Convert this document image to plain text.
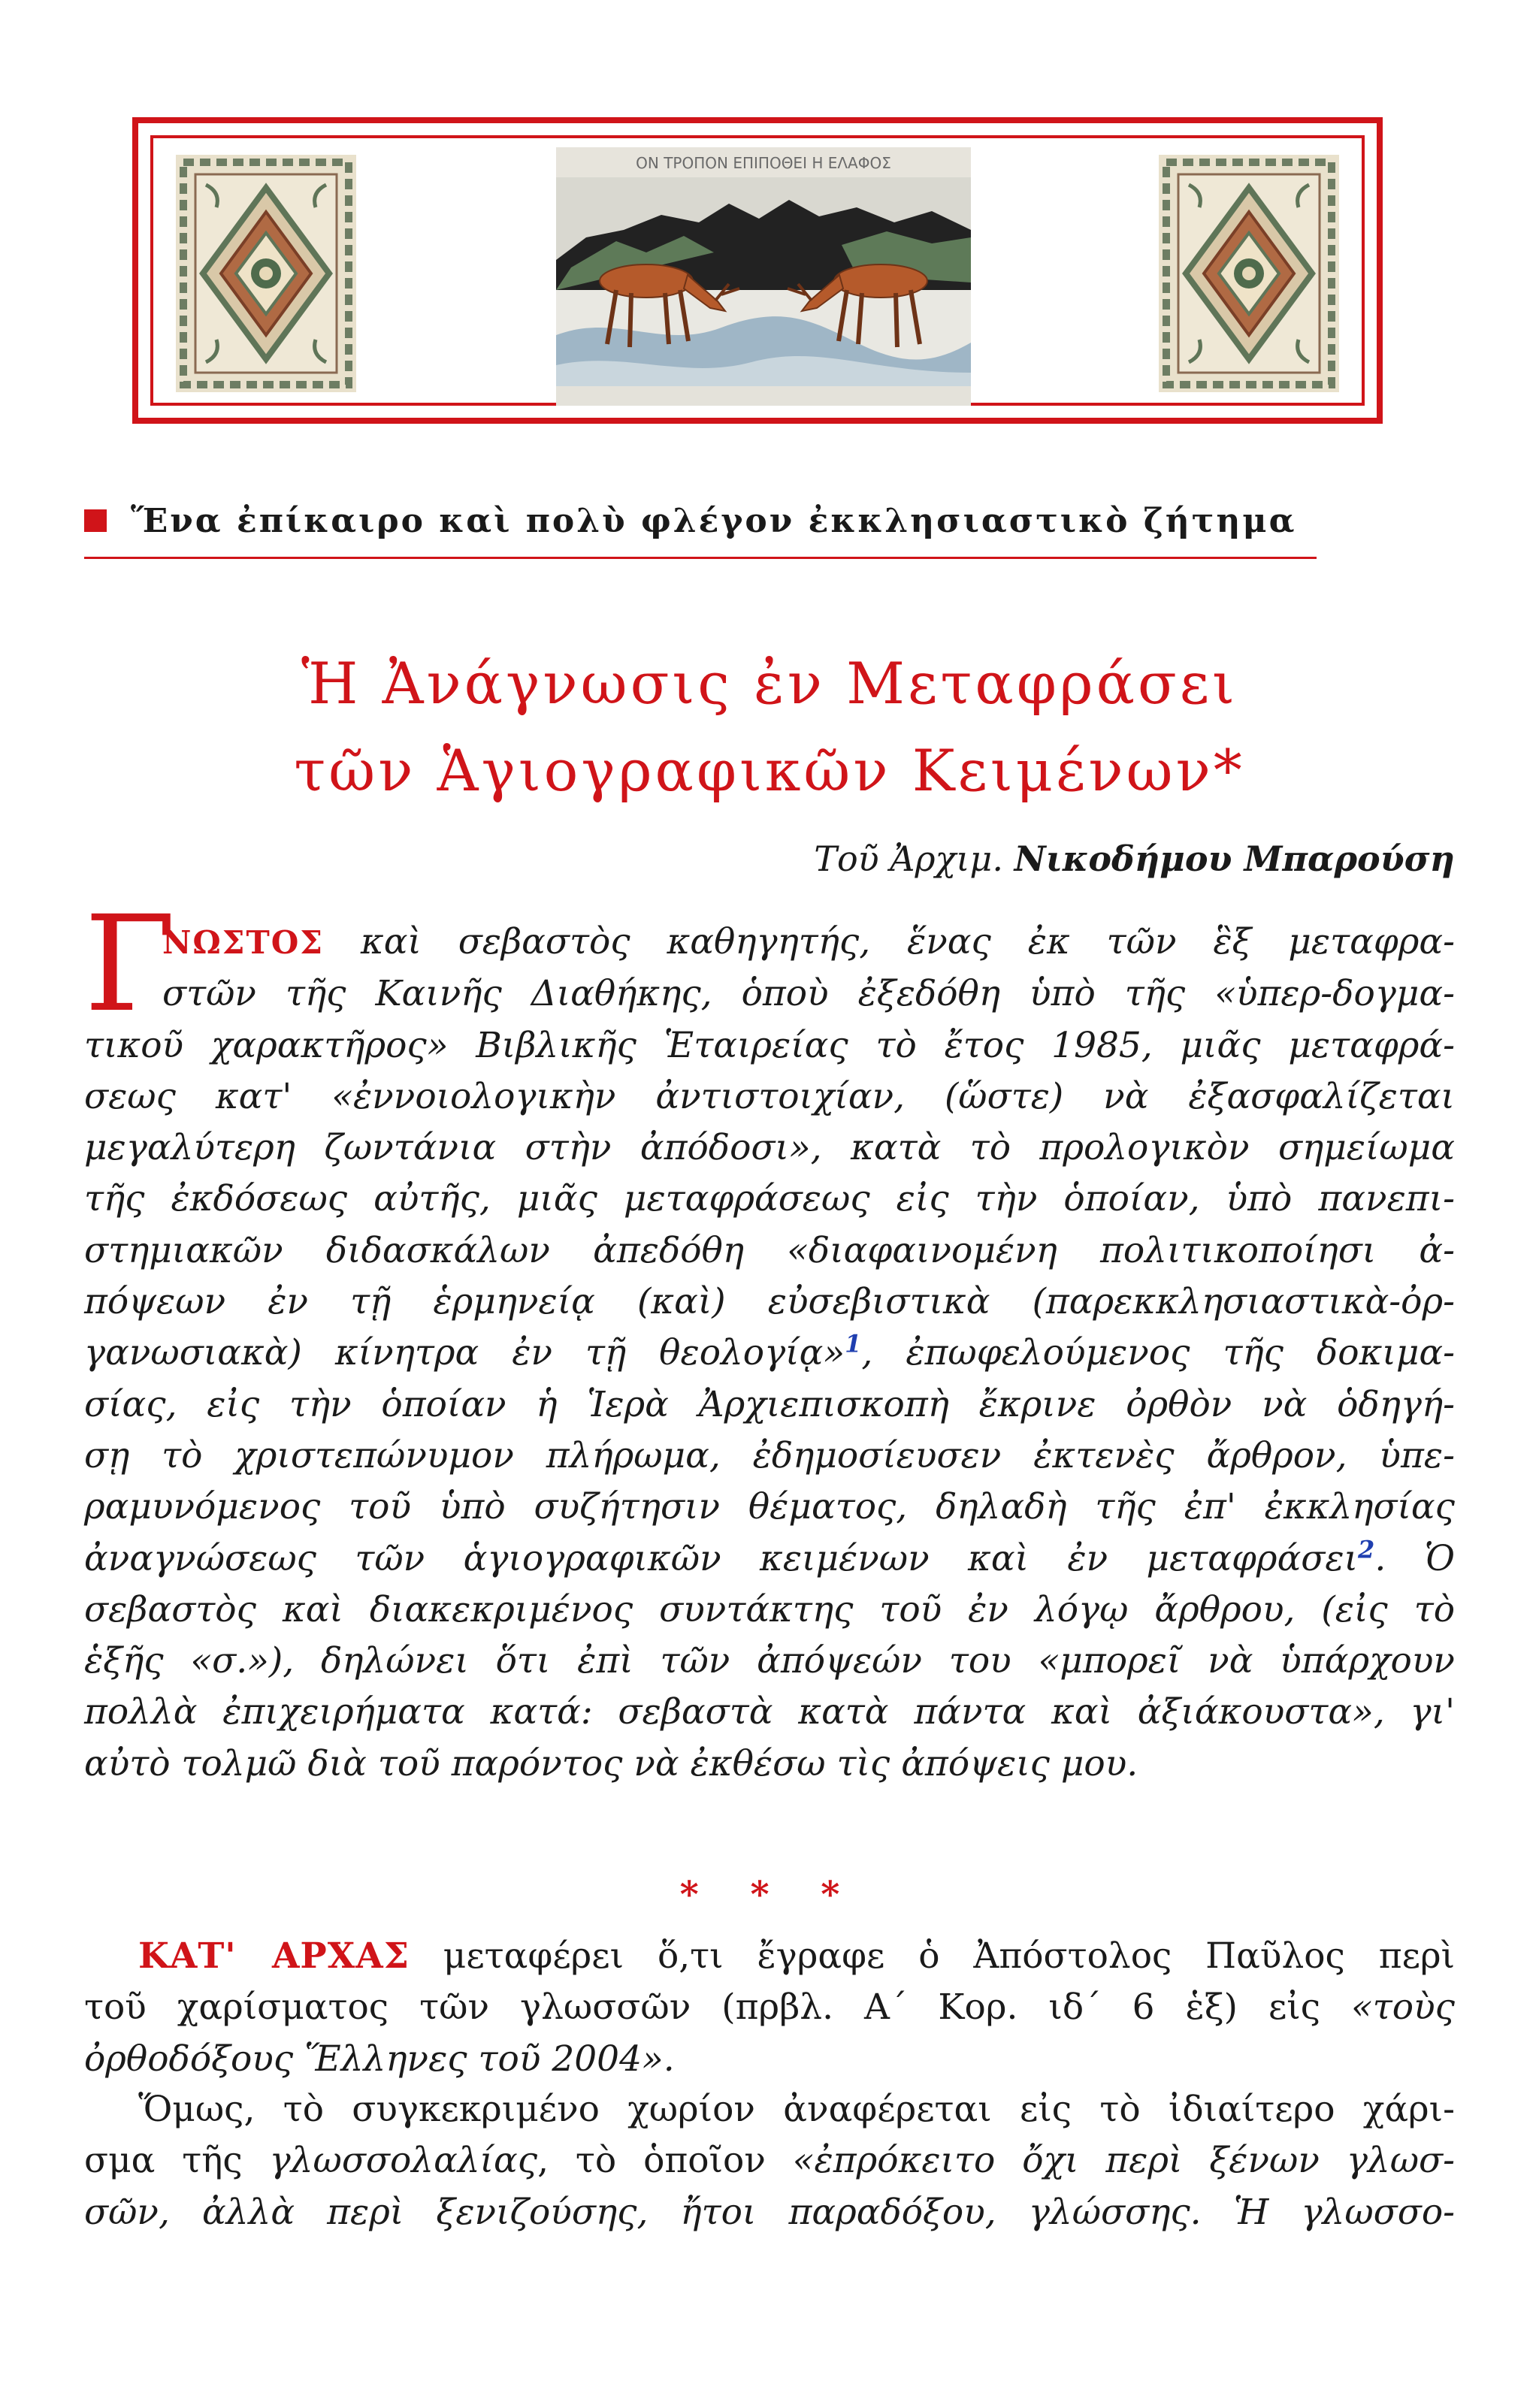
ΟΝ ΤΡΟΠΟΝ ΕΠΙΠΟΘΕΙ Η ΕΛΑΦΟΣ
Ἕνα ἐπίκαιρο καὶ πολὺ φλέγον ἐκκλησιαστικὸ ζήτημα
Ἡ Ἀνάγνωσις ἐν Μεταφράσει
τῶν Ἁγιογραφικῶν Κειμένων*
Τοῦ Ἀρχιμ. Νικοδήμου Μπαρούση
Γ
ΝΩΣΤΟΣ καὶ σεβαστὸς καθηγητής, ἕνας ἐκ τῶν ἓξ μεταφρα-
στῶν τῆς Καινῆς Διαθήκης, ὁποὺ ἐξεδόθη ὑπὸ τῆς «ὑπερ-δογμα-
τικοῦ χαρακτῆρος» Βιβλικῆς Ἑταιρείας τὸ ἔτος 1985, μιᾶς μεταφρά-
σεως κατ' «ἐννοιολογικὴν ἀντιστοιχίαν, (ὥστε) νὰ ἐξασφαλίζεται
μεγαλύτερη ζωντάνια στὴν ἀπόδοσι», κατὰ τὸ προλογικὸν σημείωμα
τῆς ἐκδόσεως αὐτῆς, μιᾶς μεταφράσεως εἰς τὴν ὁποίαν, ὑπὸ πανεπι-
στημιακῶν διδασκάλων ἀπεδόθη «διαφαινομένη πολιτικοποίησι ἀ-
πόψεων ἐν τῇ ἑρμηνείᾳ (καὶ) εὐσεβιστικὰ (παρεκκλησιαστικὰ-ὀρ-
γανωσιακὰ) κίνητρα ἐν τῇ θεολογίᾳ»$^1$, ἐπωφελούμενος τῆς δοκιμα-
σίας, εἰς τὴν ὁποίαν ἡ Ἱερὰ Ἀρχιεπισκοπὴ ἔκρινε ὀρθὸν νὰ ὁδηγή-
σῃ τὸ χριστεπώνυμον πλήρωμα, ἐδημοσίευσεν ἐκτενὲς ἄρθρον, ὑπε-
ραμυνόμενος τοῦ ὑπὸ συζήτησιν θέματος, δηλαδὴ τῆς ἐπ' ἐκκλησίας
ἀναγνώσεως τῶν ἁγιογραφικῶν κειμένων καὶ ἐν μεταφράσει$^2$. Ὁ
σεβαστὸς καὶ διακεκριμένος συντάκτης τοῦ ἐν λόγῳ ἄρθρου, (εἰς τὸ
ἑξῆς «σ.»), δηλώνει ὅτι ἐπὶ τῶν ἀπόψεών του «μπορεῖ νὰ ὑπάρχουν
πολλὰ ἐπιχειρήματα κατά: σεβαστὰ κατὰ πάντα καὶ ἀξιάκουστα», γι'
αὐτὸ τολμῶ διὰ τοῦ παρόντος νὰ ἐκθέσω τὶς ἀπόψεις μου.
* * *
ΚΑΤ' ΑΡΧΑΣ μεταφέρει ὅ,τι ἔγραφε ὁ Ἀπόστολος Παῦλος περὶ
τοῦ χαρίσματος τῶν γλωσσῶν (πρβλ. Α΄ Κορ. ιδ΄ 6 ἑξ) εἰς «τοὺς
ὀρθοδόξους Ἕλληνες τοῦ 2004».
Ὅμως, τὸ συγκεκριμένο χωρίον ἀναφέρεται εἰς τὸ ἰδιαίτερο χάρι-
σμα τῆς γλωσσολαλίας, τὸ ὁποῖον «ἐπρόκειτο ὄχι περὶ ξένων γλωσ-
σῶν, ἀλλὰ περὶ ξενιζούσης, ἤτοι παραδόξου, γλώσσης. Ἡ γλωσσο-
